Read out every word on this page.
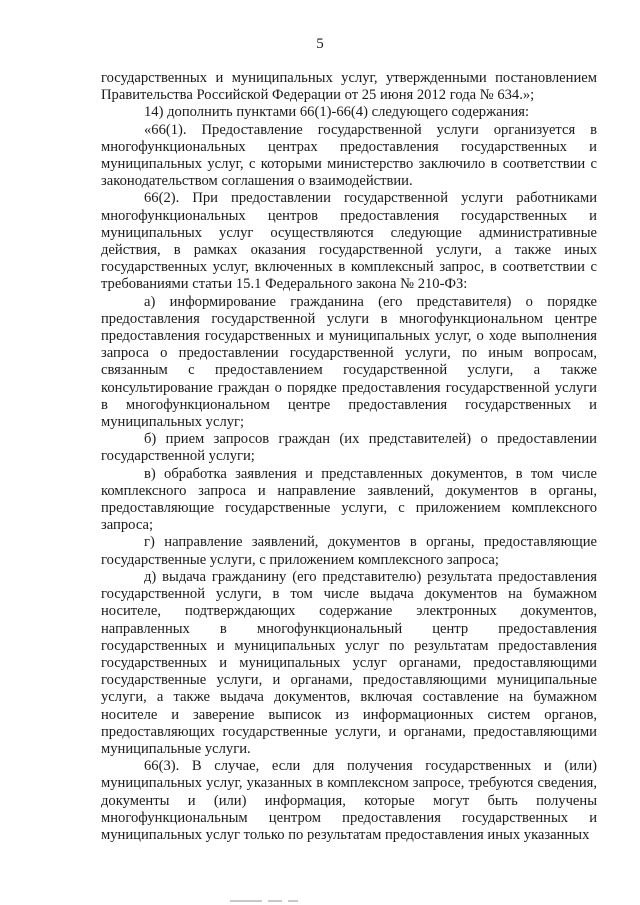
5

государственных и муниципальных услуг, утвержденными постановлением Правительства Российской Федерации от 25 июня 2012 года № 634.»;

14) дополнить пунктами 66(1)-66(4) следующего содержания:

«66(1). Предоставление государственной услуги организуется в многофункциональных центрах предоставления государственных и муниципальных услуг, с которыми министерство заключило в соответствии с законодательством соглашения о взаимодействии.

66(2). При предоставлении государственной услуги работниками многофункциональных центров предоставления государственных и муниципальных услуг осуществляются следующие административные действия, в рамках оказания государственной услуги, а также иных государственных услуг, включенных в комплексный запрос, в соответствии с требованиями статьи 15.1 Федерального закона № 210-ФЗ:

а) информирование гражданина (его представителя) о порядке предоставления государственной услуги в многофункциональном центре предоставления государственных и муниципальных услуг, о ходе выполнения запроса о предоставлении государственной услуги, по иным вопросам, связанным с предоставлением государственной услуги, а также консультирование граждан о порядке предоставления государственной услуги в многофункциональном центре предоставления государственных и муниципальных услуг;

б) прием запросов граждан (их представителей) о предоставлении государственной услуги;

в) обработка заявления и представленных документов, в том числе комплексного запроса и направление заявлений, документов в органы, предоставляющие государственные услуги, с приложением комплексного запроса;

г) направление заявлений, документов в органы, предоставляющие государственные услуги, с приложением комплексного запроса;

д) выдача гражданину (его представителю) результата предоставления государственной услуги, в том числе выдача документов на бумажном носителе, подтверждающих содержание электронных документов, направленных в многофункциональный центр предоставления государственных и муниципальных услуг по результатам предоставления государственных и муниципальных услуг органами, предоставляющими государственные услуги, и органами, предоставляющими муниципальные услуги, а также выдача документов, включая составление на бумажном носителе и заверение выписок из информационных систем органов, предоставляющих государственные услуги, и органами, предоставляющими муниципальные услуги.

66(3). В случае, если для получения государственных и (или) муниципальных услуг, указанных в комплексном запросе, требуются сведения, документы и (или) информация, которые могут быть получены многофункциональным центром предоставления государственных и муниципальных услуг только по результатам предоставления иных указанных
